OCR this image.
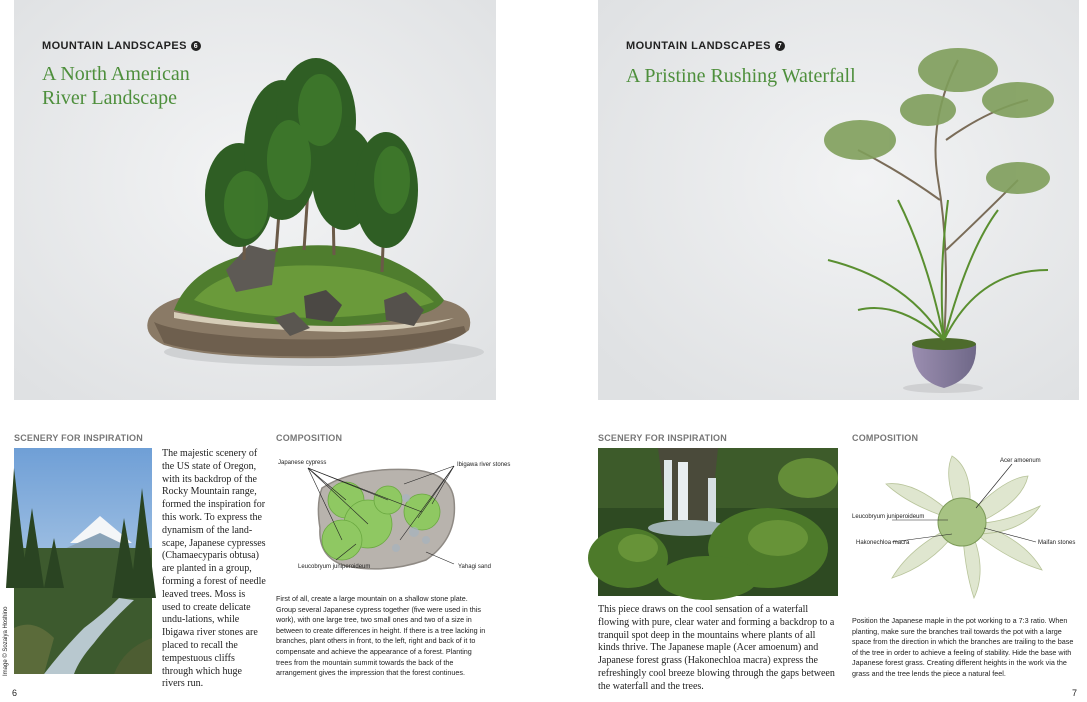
MOUNTAIN LANDSCAPES 6
A North American
River Landscape
SCENERY FOR INSPIRATION	COMPOSITION
Image © Sozaiya Hoshino
The majestic scenery of the US state of Oregon, with its backdrop of the Rocky Mountain range, formed the inspiration for this work. To express the dynamism of the land-scape, Japanese cypresses (Chamaecyparis obtusa) are planted in a group, forming a forest of needle leaved trees. Moss is used to create delicate undu-lations, while Ibigawa river stones are placed to recall the tempestuous cliffs through which huge rivers run.
Japanese cypress	Ibigawa river stones
Leucobryum juniperoideum	Yahagi sand
First of all, create a large mountain on a shallow stone plate. Group several Japanese cypress together (five were used in this work), with one large tree, two small ones and two of a size in between to create differences in height. If there is a tree lacking in branches, plant others in front, to the left, right and back of it to compensate and achieve the appearance of a forest. Planting trees from the mountain summit towards the back of the arrangement gives the impression that the forest continues.
6
MOUNTAIN LANDSCAPES 7
A Pristine Rushing Waterfall
SCENERY FOR INSPIRATION	COMPOSITION
This piece draws on the cool sensation of a waterfall flowing with pure, clear water and forming a backdrop to a tranquil spot deep in the mountains where plants of all kinds thrive. The Japanese maple (Acer amoenum) and Japanese forest grass (Hakonechloa macra) express the refreshingly cool breeze blowing through the gaps between the waterfall and the trees.
Acer amoenum
Leucobryum juniperoideum
Hakonechloa macra	Maifan stones
Position the Japanese maple in the pot working to a 7:3 ratio. When planting, make sure the branches trail towards the pot with a large space from the direction in which the branches are trailing to the base of the tree in order to achieve a feeling of stability. Hide the base with Japanese forest grass. Creating different heights in the work via the grass and the tree lends the piece a natural feel.
7
